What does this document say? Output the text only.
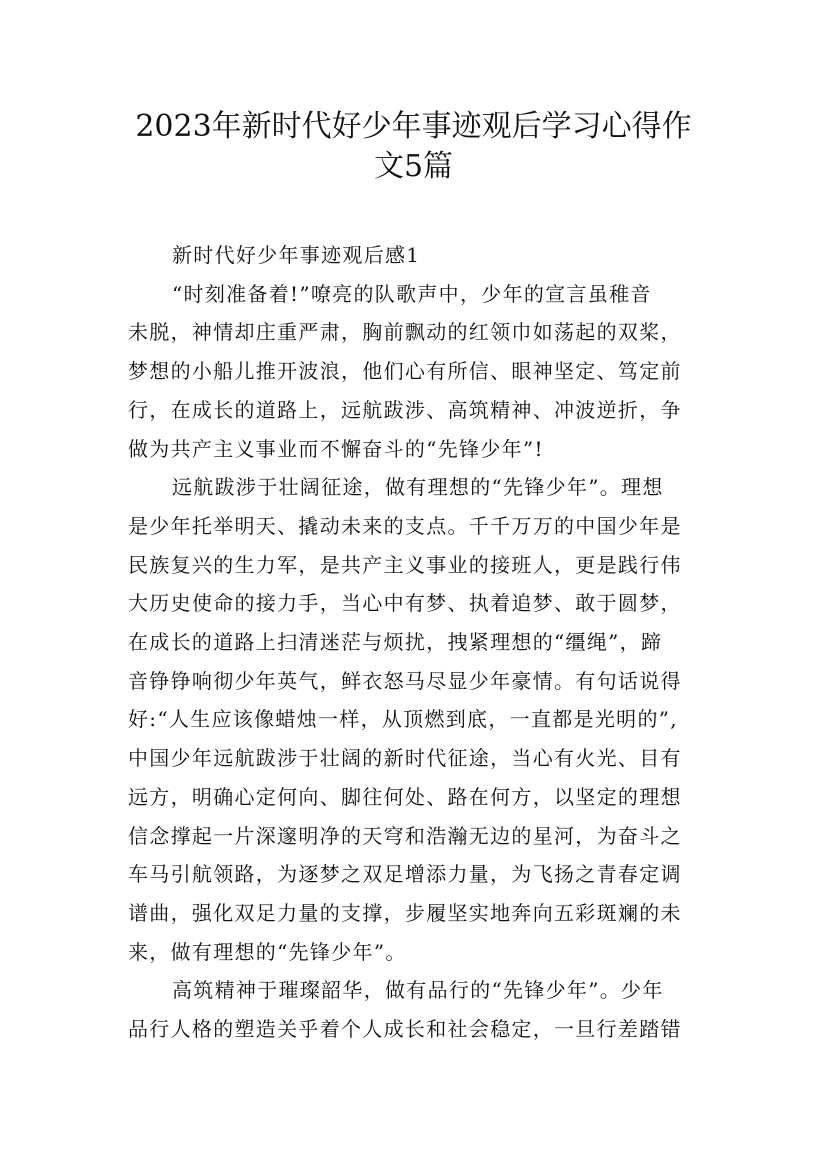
2023年新时代好少年事迹观后学习心得作
文5篇

新时代好少年事迹观后感1

“时刻准备着!”嘹亮的队歌声中，少年的宣言虽稚音

未脱，神情却庄重严肃，胸前飘动的红领巾如荡起的双桨，

梦想的小船儿推开波浪，他们心有所信、眼神坚定、笃定前

行，在成长的道路上，远航跋涉、高筑精神、冲波逆折，争

做为共产主义事业而不懈奋斗的“先锋少年”!

远航跋涉于壮阔征途，做有理想的“先锋少年”。理想

是少年托举明天、撬动未来的支点。千千万万的中国少年是

民族复兴的生力军，是共产主义事业的接班人，更是践行伟

大历史使命的接力手，当心中有梦、执着追梦、敢于圆梦，

在成长的道路上扫清迷茫与烦扰，拽紧理想的“缰绳”，蹄

音铮铮响彻少年英气，鲜衣怒马尽显少年豪情。有句话说得

好:“人生应该像蜡烛一样，从顶燃到底，一直都是光明的”,

中国少年远航跋涉于壮阔的新时代征途，当心有火光、目有

远方，明确心定何向、脚往何处、路在何方，以坚定的理想

信念撑起一片深邃明净的天穹和浩瀚无边的星河，为奋斗之

车马引航领路，为逐梦之双足增添力量，为飞扬之青春定调

谱曲，强化双足力量的支撑，步履坚实地奔向五彩斑斓的未

来，做有理想的“先锋少年”。

高筑精神于璀璨韶华，做有品行的“先锋少年”。少年

品行人格的塑造关乎着个人成长和社会稳定，一旦行差踏错
